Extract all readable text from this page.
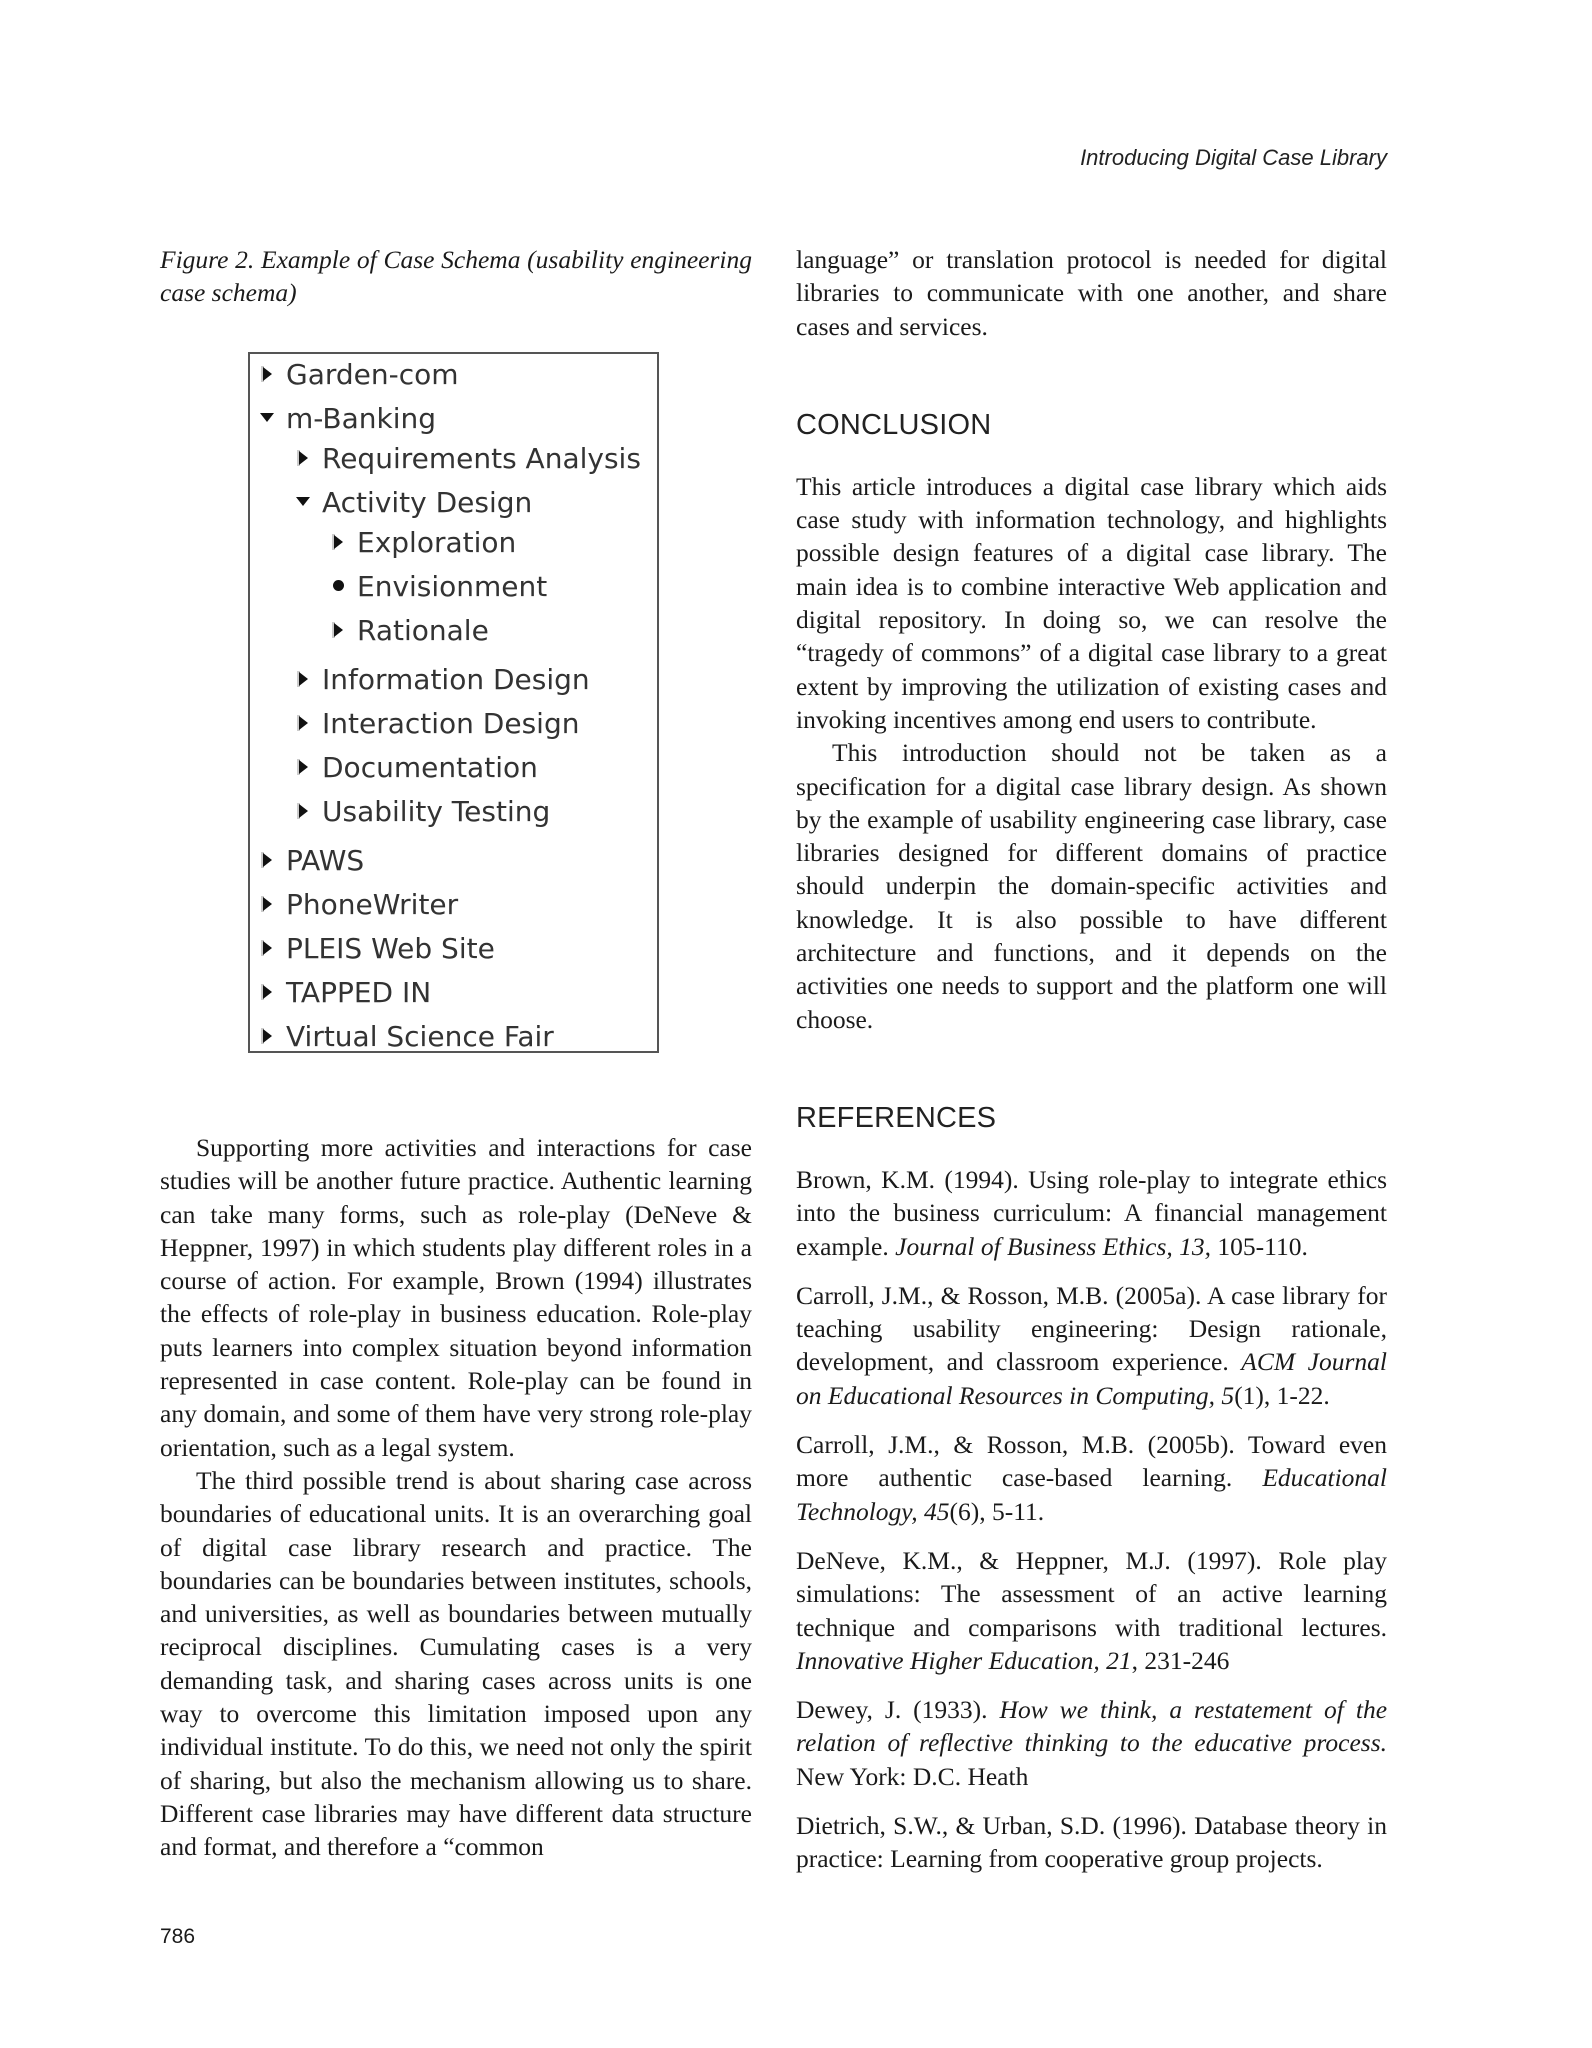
Introducing Digital Case Library

Figure 2. Example of Case Schema (usability engineering case schema)

Garden-com
m-Banking
Requirements Analysis
Activity Design
Exploration
Envisionment
Rationale
Information Design
Interaction Design
Documentation
Usability Testing
PAWS
PhoneWriter
PLEIS Web Site
TAPPED IN
Virtual Science Fair

Supporting more activities and interactions for case studies will be another future practice. Authentic learning can take many forms, such as role-play (DeNeve & Heppner, 1997) in which students play different roles in a course of action. For example, Brown (1994) illustrates the effects of role-play in business education. Role-play puts learners into complex situation beyond information represented in case content. Role-play can be found in any domain, and some of them have very strong role-play orientation, such as a legal system.

The third possible trend is about sharing case across boundaries of educational units. It is an overarching goal of digital case library research and practice. The boundaries can be boundaries between institutes, schools, and universities, as well as boundaries between mutually reciprocal disciplines. Cumulating cases is a very demanding task, and sharing cases across units is one way to overcome this limitation imposed upon any individual institute. To do this, we need not only the spirit of sharing, but also the mechanism allowing us to share. Different case libraries may have different data structure and format, and therefore a “common

language” or translation protocol is needed for digital libraries to communicate with one another, and share cases and services.

CONCLUSION

This article introduces a digital case library which aids case study with information technology, and highlights possible design features of a digital case library. The main idea is to combine interactive Web application and digital repository. In doing so, we can resolve the “tragedy of commons” of a digital case library to a great extent by improving the utilization of existing cases and invoking incentives among end users to contribute.

This introduction should not be taken as a specification for a digital case library design. As shown by the example of usability engineering case library, case libraries designed for different domains of practice should underpin the domain-specific activities and knowledge. It is also possible to have different architecture and functions, and it depends on the activities one needs to support and the platform one will choose.

REFERENCES

Brown, K.M. (1994). Using role-play to integrate ethics into the business curriculum: A financial management example. Journal of Business Ethics, 13, 105-110.

Carroll, J.M., & Rosson, M.B. (2005a). A case library for teaching usability engineering: Design rationale, development, and classroom experience. ACM Journal on Educational Resources in Computing, 5(1), 1-22.

Carroll, J.M., & Rosson, M.B. (2005b). Toward even more authentic case-based learning. Educational Technology, 45(6), 5-11.

DeNeve, K.M., & Heppner, M.J. (1997). Role play simulations: The assessment of an active learning technique and comparisons with traditional lectures. Innovative Higher Education, 21, 231-246

Dewey, J. (1933). How we think, a restatement of the relation of reflective thinking to the educative process. New York: D.C. Heath

Dietrich, S.W., & Urban, S.D. (1996). Database theory in practice: Learning from cooperative group projects.

786
